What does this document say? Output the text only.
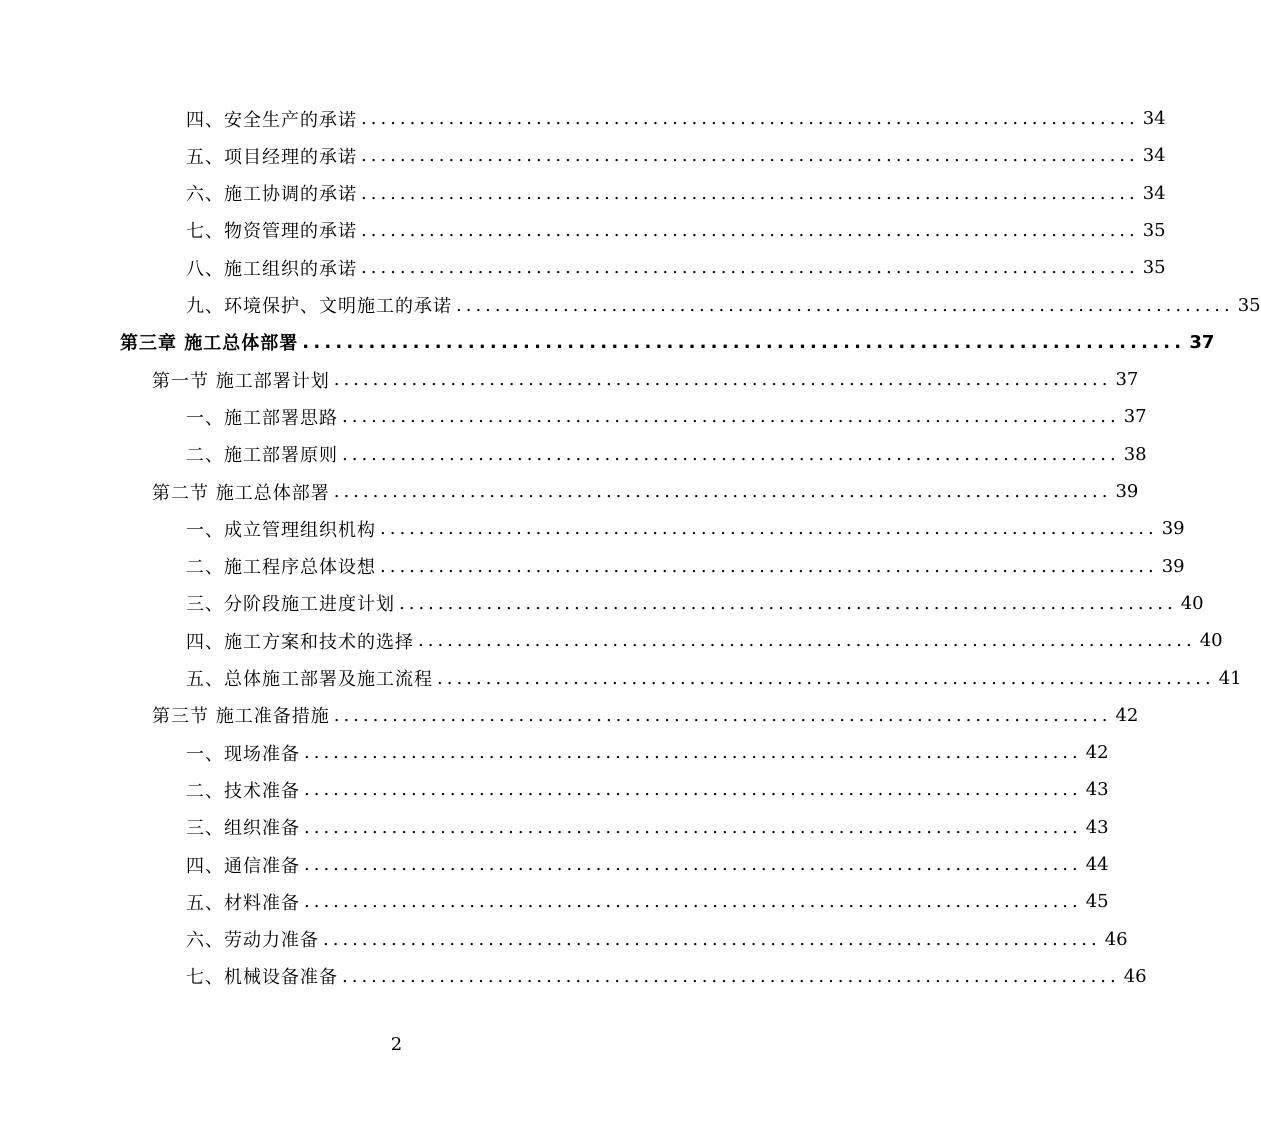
四、安全生产的承诺 ................................................................................ 34
五、项目经理的承诺 ................................................................................ 34
六、施工协调的承诺 ................................................................................ 34
七、物资管理的承诺 ................................................................................ 35
八、施工组织的承诺 ................................................................................ 35
九、环境保护、文明施工的承诺 ................................................................................ 35
第三章 施工总体部署 ................................................................................ 37
第一节 施工部署计划 ................................................................................ 37
一、施工部署思路 ................................................................................ 37
二、施工部署原则 ................................................................................ 38
第二节 施工总体部署 ................................................................................ 39
一、成立管理组织机构 ................................................................................ 39
二、施工程序总体设想 ................................................................................ 39
三、分阶段施工进度计划 ................................................................................ 40
四、施工方案和技术的选择 ................................................................................ 40
五、总体施工部署及施工流程 ................................................................................ 41
第三节 施工准备措施 ................................................................................ 42
一、现场准备 ................................................................................ 42
二、技术准备 ................................................................................ 43
三、组织准备 ................................................................................ 43
四、通信准备 ................................................................................ 44
五、材料准备 ................................................................................ 45
六、劳动力准备 ................................................................................ 46
七、机械设备准备 ................................................................................ 46
2
